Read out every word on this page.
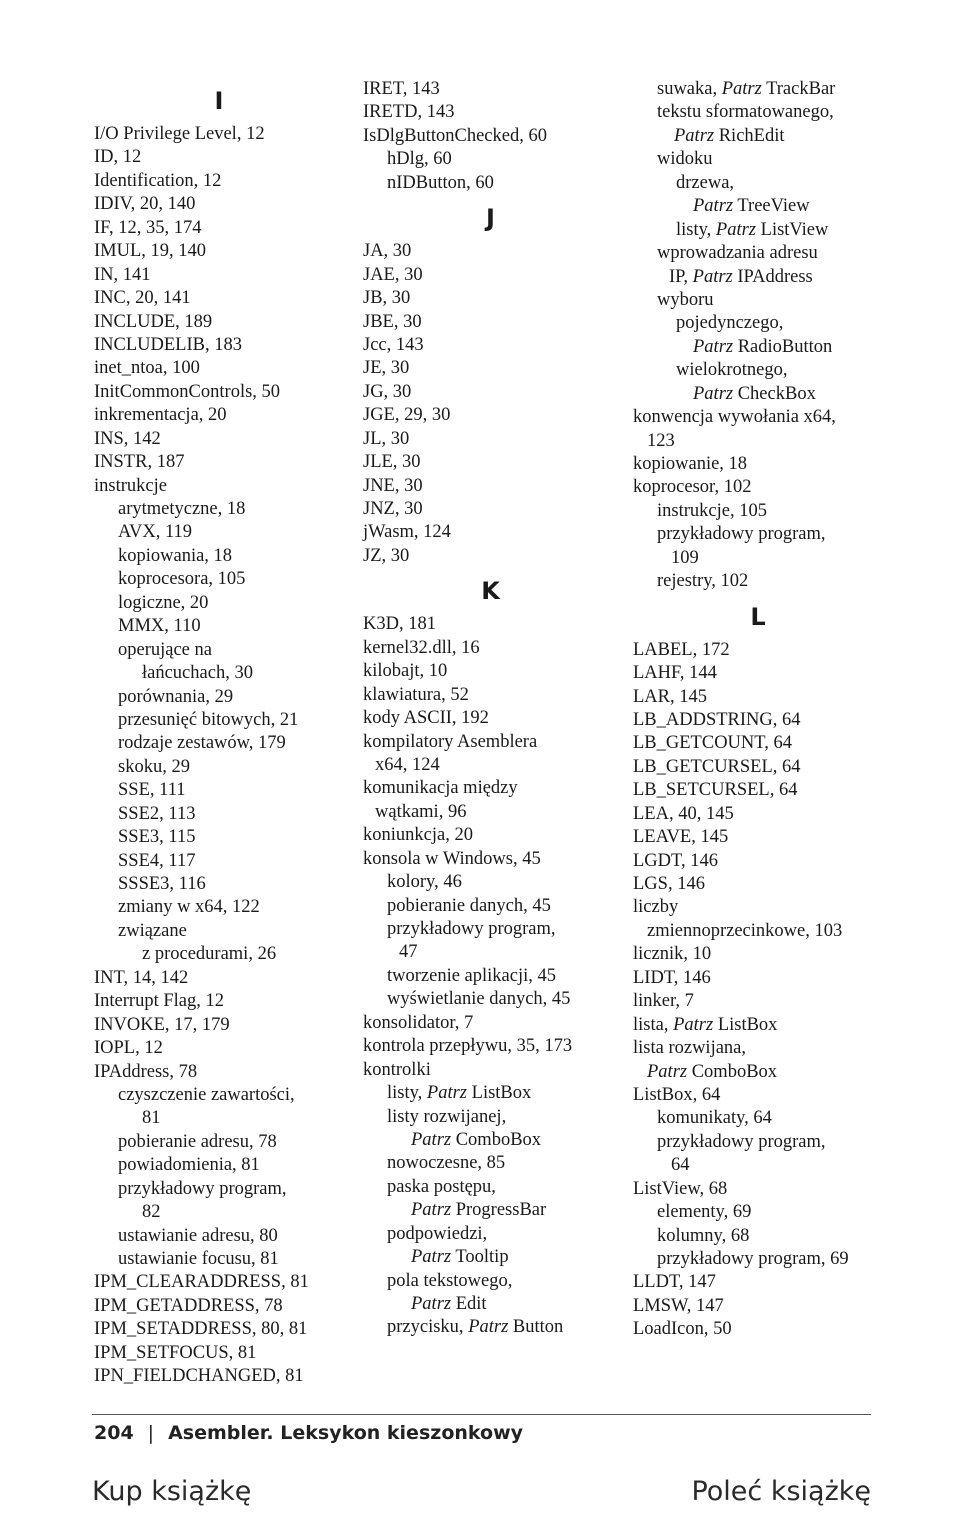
I
I/O Privilege Level, 12
ID, 12
Identification, 12
IDIV, 20, 140
IF, 12, 35, 174
IMUL, 19, 140
IN, 141
INC, 20, 141
INCLUDE, 189
INCLUDELIB, 183
inet_ntoa, 100
InitCommonControls, 50
inkrementacja, 20
INS, 142
INSTR, 187
instrukcje
arytmetyczne, 18
AVX, 119
kopiowania, 18
koprocesora, 105
logiczne, 20
MMX, 110
operujące na
łańcuchach, 30
porównania, 29
przesunięć bitowych, 21
rodzaje zestawów, 179
skoku, 29
SSE, 111
SSE2, 113
SSE3, 115
SSE4, 117
SSSE3, 116
zmiany w x64, 122
związane
z procedurami, 26
INT, 14, 142
Interrupt Flag, 12
INVOKE, 17, 179
IOPL, 12
IPAddress, 78
czyszczenie zawartości,
81
pobieranie adresu, 78
powiadomienia, 81
przykładowy program,
82
ustawianie adresu, 80
ustawianie focusu, 81
IPM_CLEARADDRESS, 81
IPM_GETADDRESS, 78
IPM_SETADDRESS, 80, 81
IPM_SETFOCUS, 81
IPN_FIELDCHANGED, 81
IRET, 143
IRETD, 143
IsDlgButtonChecked, 60
hDlg, 60
nIDButton, 60
J
JA, 30
JAE, 30
JB, 30
JBE, 30
Jcc, 143
JE, 30
JG, 30
JGE, 29, 30
JL, 30
JLE, 30
JNE, 30
JNZ, 30
jWasm, 124
JZ, 30
K
K3D, 181
kernel32.dll, 16
kilobajt, 10
klawiatura, 52
kody ASCII, 192
kompilatory Asemblera
x64, 124
komunikacja między
wątkami, 96
koniunkcja, 20
konsola w Windows, 45
kolory, 46
pobieranie danych, 45
przykładowy program,
47
tworzenie aplikacji, 45
wyświetlanie danych, 45
konsolidator, 7
kontrola przepływu, 35, 173
kontrolki
listy, Patrz ListBox
listy rozwijanej,
Patrz ComboBox
nowoczesne, 85
paska postępu,
Patrz ProgressBar
podpowiedzi,
Patrz Tooltip
pola tekstowego,
Patrz Edit
przycisku, Patrz Button
suwaka, Patrz TrackBar
tekstu sformatowanego,
Patrz RichEdit
widoku
drzewa,
Patrz TreeView
listy, Patrz ListView
wprowadzania adresu
IP, Patrz IPAddress
wyboru
pojedynczego,
Patrz RadioButton
wielokrotnego,
Patrz CheckBox
konwencja wywołania x64,
123
kopiowanie, 18
koprocesor, 102
instrukcje, 105
przykładowy program,
109
rejestry, 102
L
LABEL, 172
LAHF, 144
LAR, 145
LB_ADDSTRING, 64
LB_GETCOUNT, 64
LB_GETCURSEL, 64
LB_SETCURSEL, 64
LEA, 40, 145
LEAVE, 145
LGDT, 146
LGS, 146
liczby
zmiennoprzecinkowe, 103
licznik, 10
LIDT, 146
linker, 7
lista, Patrz ListBox
lista rozwijana,
Patrz ComboBox
ListBox, 64
komunikaty, 64
przykładowy program,
64
ListView, 68
elementy, 69
kolumny, 68
przykładowy program, 69
LLDT, 147
LMSW, 147
LoadIcon, 50
204 | Asembler. Leksykon kieszonkowy
Kup książkę	Poleć książkę
